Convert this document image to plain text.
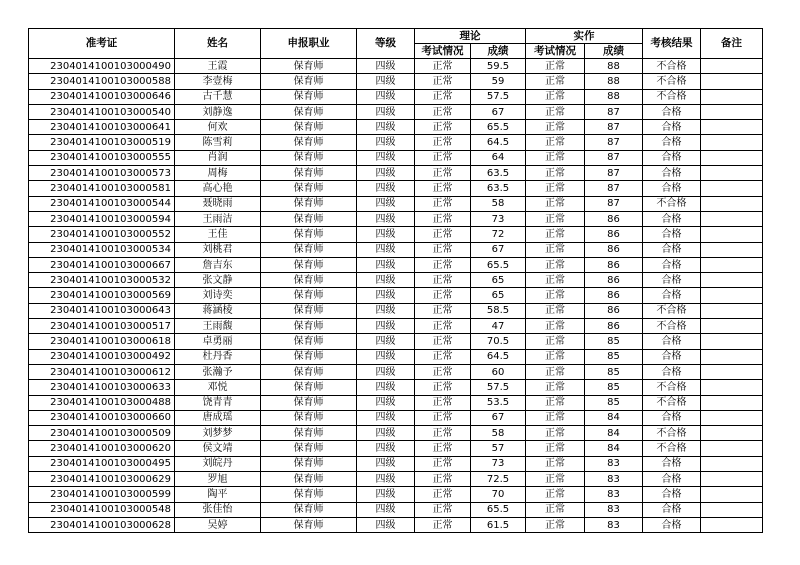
准考证	姓名	申报职业	等级	理论		实作		考核结果	备注
				考试情况	成绩	考试情况	成绩		
2304014100103000490	王霞	保育师	四级	正常	59.5	正常	88	不合格	
2304014100103000588	李壹梅	保育师	四级	正常	59	正常	88	不合格	
2304014100103000646	古千慧	保育师	四级	正常	57.5	正常	88	不合格	
2304014100103000540	刘静逸	保育师	四级	正常	67	正常	87	合格	
2304014100103000641	何欢	保育师	四级	正常	65.5	正常	87	合格	
2304014100103000519	陈雪莉	保育师	四级	正常	64.5	正常	87	合格	
2304014100103000555	肖润	保育师	四级	正常	64	正常	87	合格	
2304014100103000573	周梅	保育师	四级	正常	63.5	正常	87	合格	
2304014100103000581	高心艳	保育师	四级	正常	63.5	正常	87	合格	
2304014100103000544	聂晓雨	保育师	四级	正常	58	正常	87	不合格	
2304014100103000594	王雨洁	保育师	四级	正常	73	正常	86	合格	
2304014100103000552	王佳	保育师	四级	正常	72	正常	86	合格	
2304014100103000534	刘桃君	保育师	四级	正常	67	正常	86	合格	
2304014100103000667	詹吉东	保育师	四级	正常	65.5	正常	86	合格	
2304014100103000532	张文静	保育师	四级	正常	65	正常	86	合格	
2304014100103000569	刘诗奕	保育师	四级	正常	65	正常	86	合格	
2304014100103000643	蒋涵棱	保育师	四级	正常	58.5	正常	86	不合格	
2304014100103000517	王雨馥	保育师	四级	正常	47	正常	86	不合格	
2304014100103000618	卓勇丽	保育师	四级	正常	70.5	正常	85	合格	
2304014100103000492	杜丹香	保育师	四级	正常	64.5	正常	85	合格	
2304014100103000612	张瀚予	保育师	四级	正常	60	正常	85	合格	
2304014100103000633	邓悦	保育师	四级	正常	57.5	正常	85	不合格	
2304014100103000488	饶青青	保育师	四级	正常	53.5	正常	85	不合格	
2304014100103000660	唐成瑶	保育师	四级	正常	67	正常	84	合格	
2304014100103000509	刘梦梦	保育师	四级	正常	58	正常	84	不合格	
2304014100103000620	侯文靖	保育师	四级	正常	57	正常	84	不合格	
2304014100103000495	刘皖丹	保育师	四级	正常	73	正常	83	合格	
2304014100103000629	罗旭	保育师	四级	正常	72.5	正常	83	合格	
2304014100103000599	陶平	保育师	四级	正常	70	正常	83	合格	
2304014100103000548	张佳怡	保育师	四级	正常	65.5	正常	83	合格	
2304014100103000628	吴婷	保育师	四级	正常	61.5	正常	83	合格	
